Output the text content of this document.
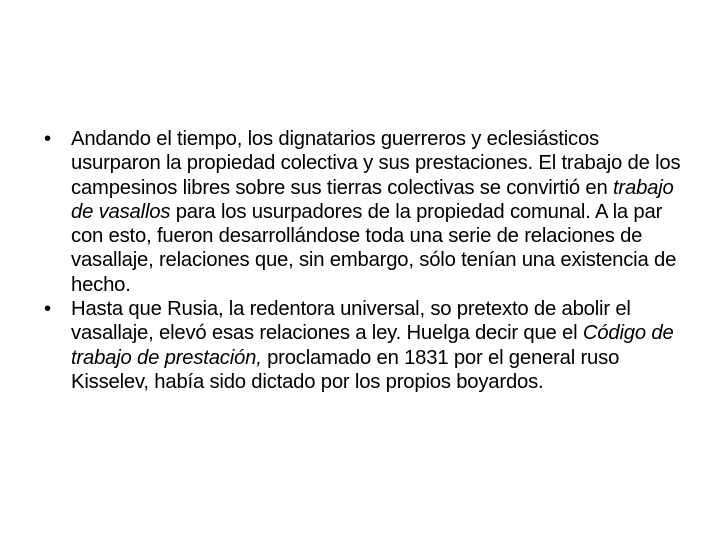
• Andando el tiempo, los dignatarios guerreros y eclesiásticos usurparon la propiedad colectiva y sus prestaciones. El trabajo de los campesinos libres sobre sus tierras colectivas se convirtió en trabajo de vasallos para los usurpadores de la propiedad comunal. A la par con esto, fueron desarrollándose toda una serie de relaciones de vasallaje, relaciones que, sin embargo, sólo tenían una existencia de hecho.
• Hasta que Rusia, la redentora universal, so pretexto de abolir el vasallaje, elevó esas relaciones a ley. Huelga decir que el Código de trabajo de prestación, proclamado en 1831 por el general ruso Kisselev, había sido dictado por los propios boyardos.
